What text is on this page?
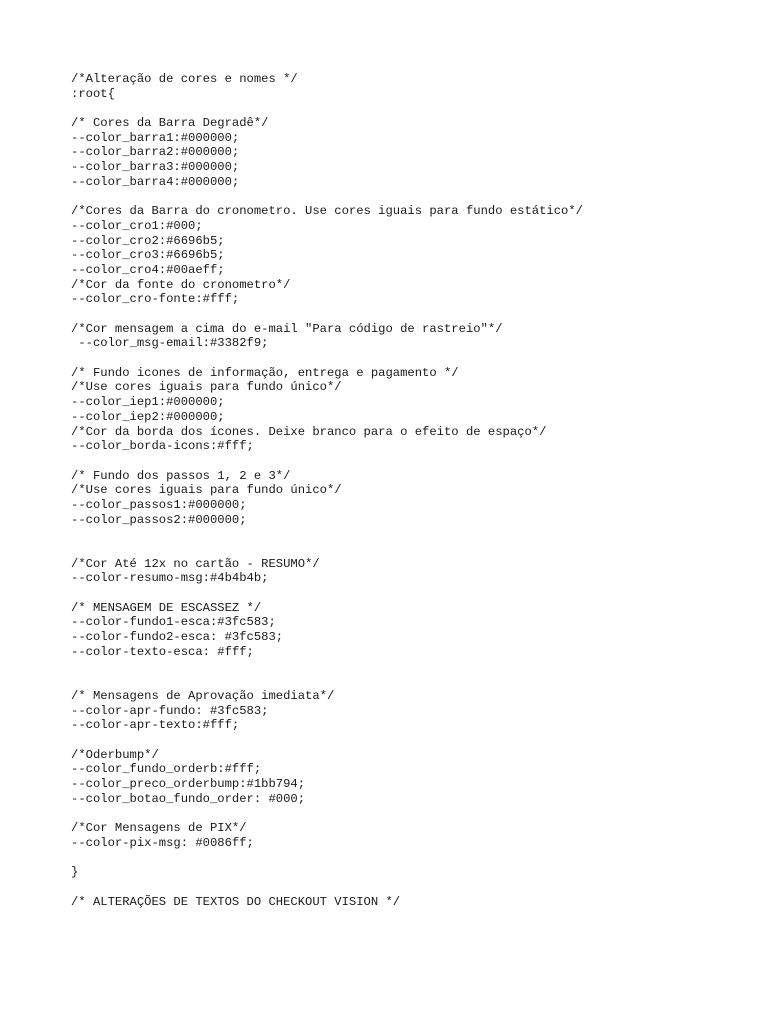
/*Alteração de cores e nomes */
:root{
/* Cores da Barra Degradê*/
--color_barra1:#000000;
--color_barra2:#000000;
--color_barra3:#000000;
--color_barra4:#000000;
/*Cores da Barra do cronometro. Use cores iguais para fundo estático*/
--color_cro1:#000;
--color_cro2:#6696b5;
--color_cro3:#6696b5;
--color_cro4:#00aeff;
/*Cor da fonte do cronometro*/
--color_cro-fonte:#fff;
/*Cor mensagem a cima do e-mail "Para código de rastreio"*/
--color_msg-email:#3382f9;
/* Fundo icones de informação, entrega e pagamento */
/*Use cores iguais para fundo único*/
--color_iep1:#000000;
--color_iep2:#000000;
/*Cor da borda dos ícones. Deixe branco para o efeito de espaço*/
--color_borda-icons:#fff;
/* Fundo dos passos 1, 2 e 3*/
/*Use cores iguais para fundo único*/
--color_passos1:#000000;
--color_passos2:#000000;
/*Cor Até 12x no cartão - RESUMO*/
--color-resumo-msg:#4b4b4b;
/* MENSAGEM DE ESCASSEZ */
--color-fundo1-esca:#3fc583;
--color-fundo2-esca: #3fc583;
--color-texto-esca: #fff;
/* Mensagens de Aprovação imediata*/
--color-apr-fundo: #3fc583;
--color-apr-texto:#fff;
/*Oderbump*/
--color_fundo_orderb:#fff;
--color_preco_orderbump:#1bb794;
--color_botao_fundo_order: #000;
/*Cor Mensagens de PIX*/
--color-pix-msg: #0086ff;
}
/* ALTERAÇÕES DE TEXTOS DO CHECKOUT VISION */
